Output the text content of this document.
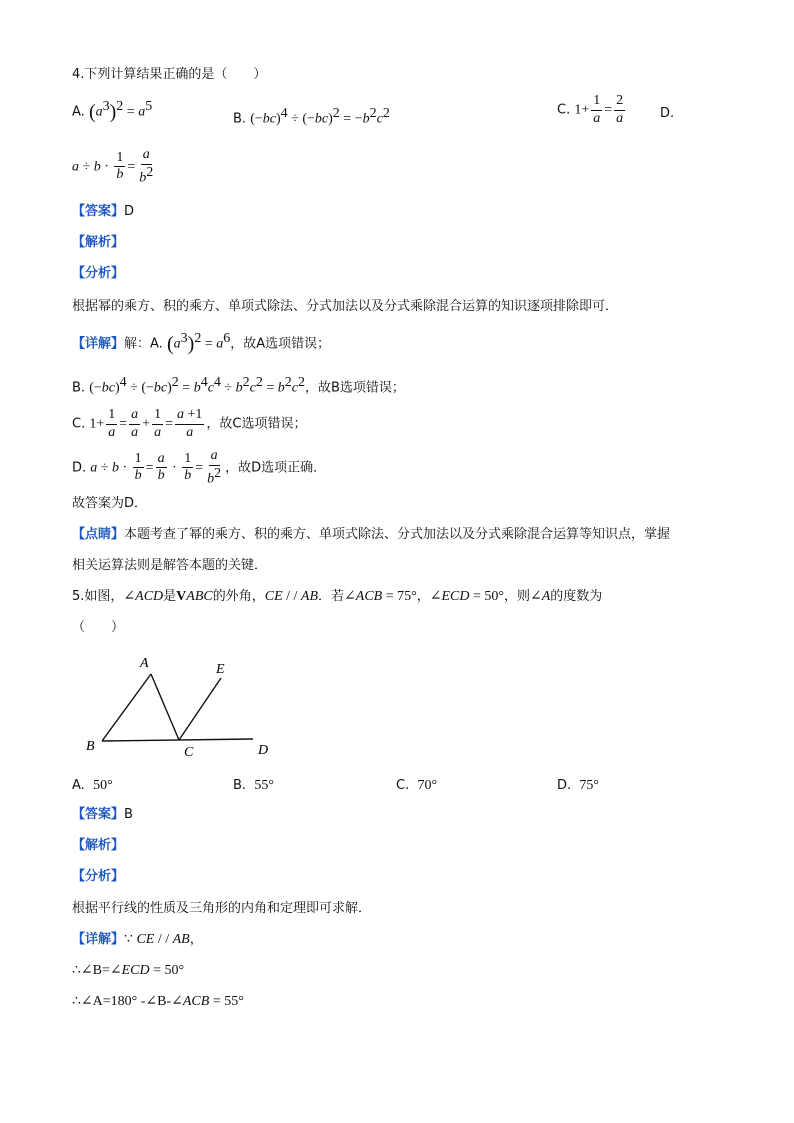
4.下列计算结果正确的是（　　）
A. $(a^3)^2 = a^5$
B. $(-bc)^4 \div (-bc)^2 = -b^2c^2$	C. $1+ \frac{1}{a} = \frac{2}{a}$	D.
$a \div b \cdot \frac{1}{b} = \frac{a}{b^2}$
【答案】D
【解析】
【分析】
根据幂的乘方、积的乘方、单项式除法、分式加法以及分式乘除混合运算的知识逐项排除即可．
【详解】解：A. $(a^3)^2 = a^6$，故A选项错误；
B. $(-bc)^4 \div (-bc)^2 = b^4c^4 \div b^2c^2 = b^2c^2$，故B选项错误；
C. $1+ \frac{1}{a} = \frac{a}{a} + \frac{1}{a} = \frac{a +1}{a}$ ，故C选项错误；
D. $a \div b \cdot \frac{1}{b} = \frac{a}{b} \cdot \frac{1}{b} = \frac{a}{b^2}$ ，故D选项正确．
故答案为D．
【点睛】本题考查了幂的乘方、积的乘方、单项式除法、分式加法以及分式乘除混合运算等知识点，掌握
相关运算法则是解答本题的关键．
5.如图，∠ACD是VABC的外角，CE / / AB．若∠ACB = 75°，∠ECD = 50°，则∠A的度数为
（　　）
A
B	C	D
E
A. 50°	B. 55°	C. 70°	D. 75°
【答案】B
【解析】
【分析】
根据平行线的性质及三角形的内角和定理即可求解．
【详解】∵ CE / / AB，
∴∠B=∠ECD = 50°
∴∠A=180° -∠B-∠ACB = 55°
